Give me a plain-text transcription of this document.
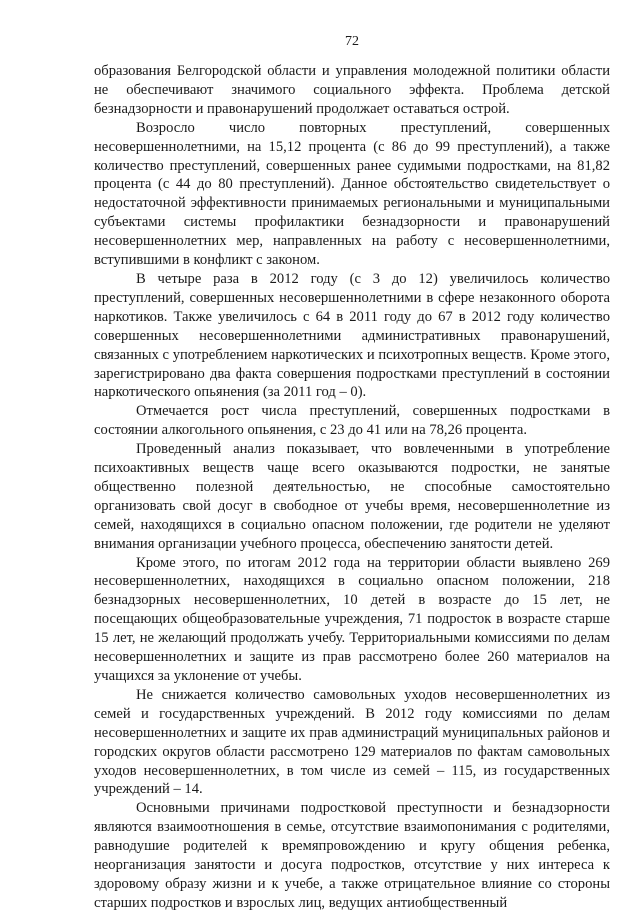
72

образования Белгородской области и управления молодежной политики области не обеспечивают значимого социального эффекта. Проблема детской безнадзорности и правонарушений продолжает оставаться острой.

Возросло число повторных преступлений, совершенных несовершеннолетними, на 15,12 процента (с 86 до 99 преступлений), а также количество преступлений, совершенных ранее судимыми подростками, на 81,82 процента (с 44 до 80 преступлений). Данное обстоятельство свидетельствует о недостаточной эффективности принимаемых региональными и муниципальными субъектами системы профилактики безнадзорности и правонарушений несовершеннолетних мер, направленных на работу с несовершеннолетними, вступившими в конфликт с законом.

В четыре раза в 2012 году (с 3 до 12) увеличилось количество преступлений, совершенных несовершеннолетними в сфере незаконного оборота наркотиков. Также увеличилось с 64 в 2011 году до 67 в 2012 году количество совершенных несовершеннолетними административных правонарушений, связанных с употреблением наркотических и психотропных веществ. Кроме этого, зарегистрировано два факта совершения подростками преступлений в состоянии наркотического опьянения (за 2011 год – 0).

Отмечается рост числа преступлений, совершенных подростками в состоянии алкогольного опьянения, с 23 до 41 или на 78,26 процента.

Проведенный анализ показывает, что вовлеченными в употребление психоактивных веществ чаще всего оказываются подростки, не занятые общественно полезной деятельностью, не способные самостоятельно организовать свой досуг в свободное от учебы время, несовершеннолетние из семей, находящихся в социально опасном положении, где родители не уделяют внимания организации учебного процесса, обеспечению занятости детей.

Кроме этого, по итогам 2012 года на территории области выявлено 269 несовершеннолетних, находящихся в социально опасном положении, 218 безнадзорных несовершеннолетних, 10 детей в возрасте до 15 лет, не посещающих общеобразовательные учреждения, 71 подросток в возрасте старше 15 лет, не желающий продолжать учебу. Территориальными комиссиями по делам несовершеннолетних и защите из прав рассмотрено более 260 материалов на учащихся за уклонение от учебы.

Не снижается количество самовольных уходов несовершеннолетних из семей и государственных учреждений. В 2012 году комиссиями по делам несовершеннолетних и защите их прав администраций муниципальных районов и городских округов области рассмотрено 129 материалов по фактам самовольных уходов несовершеннолетних, в том числе из семей – 115, из государственных учреждений – 14.

Основными причинами подростковой преступности и безнадзорности являются взаимоотношения в семье, отсутствие взаимопонимания с родителями, равнодушие родителей к времяпровождению и кругу общения ребенка, неорганизация занятости и досуга подростков, отсутствие у них интереса к здоровому образу жизни и к учебе, а также отрицательное влияние со стороны старших подростков и взрослых лиц, ведущих антиобщественный
